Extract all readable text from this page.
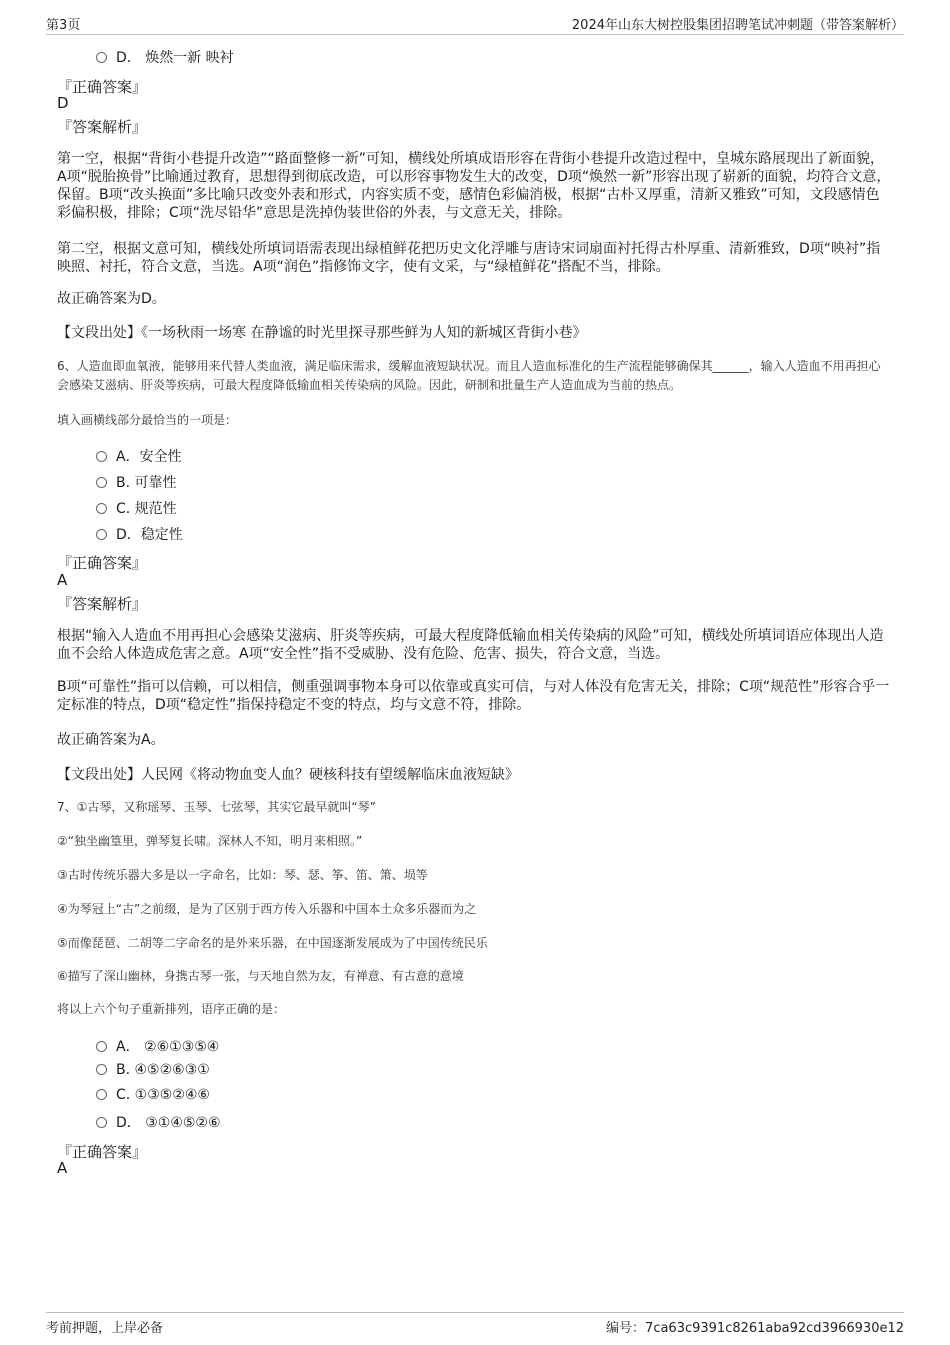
第3页	2024年山东大树控股集团招聘笔试冲刺题（带答案解析）
D． 焕然一新 映衬
『正确答案』
D
『答案解析』
第一空，根据“背街小巷提升改造”“路面整修一新”可知，横线处所填成语形容在背街小巷提升改造过程中，皇城东路展现出了新面貌，A项“脱胎换骨”比喻通过教育，思想得到彻底改造，可以形容事物发生大的改变，D项“焕然一新”形容出现了崭新的面貌，均符合文意，保留。B项“改头换面”多比喻只改变外表和形式，内容实质不变，感情色彩偏消极，根据“古朴又厚重，清新又雅致”可知，文段感情色彩偏积极，排除；C项“洗尽铅华”意思是洗掉伪装世俗的外表，与文意无关，排除。
第二空，根据文意可知，横线处所填词语需表现出绿植鲜花把历史文化浮雕与唐诗宋词扇面衬托得古朴厚重、清新雅致，D项“映衬”指映照、衬托，符合文意，当选。A项“润色”指修饰文字，使有文采，与“绿植鲜花”搭配不当，排除。
故正确答案为D。
【文段出处】《一场秋雨一场寒 在静谧的时光里探寻那些鲜为人知的新城区背街小巷》
6、人造血即血氧液，能够用来代替人类血液，满足临床需求，缓解血液短缺状况。而且人造血标准化的生产流程能够确保其______，输入人造血不用再担心会感染艾滋病、肝炎等疾病，可最大程度降低输血相关传染病的风险。因此，研制和批量生产人造血成为当前的热点。
填入画横线部分最恰当的一项是：
A．安全性
B. 可靠性
C. 规范性
D．稳定性
『正确答案』
A
『答案解析』
根据“输入人造血不用再担心会感染艾滋病、肝炎等疾病，可最大程度降低输血相关传染病的风险”可知，横线处所填词语应体现出人造血不会给人体造成危害之意。A项“安全性”指不受威胁、没有危险、危害、损失，符合文意，当选。
B项“可靠性”指可以信赖，可以相信，侧重强调事物本身可以依靠或真实可信，与对人体没有危害无关，排除；C项“规范性”形容合乎一定标准的特点，D项“稳定性”指保持稳定不变的特点，均与文意不符，排除。
故正确答案为A。
【文段出处】人民网《将动物血变人血？硬核科技有望缓解临床血液短缺》
7、①古琴，又称瑶琴、玉琴、七弦琴，其实它最早就叫“琴”
②“独坐幽篁里，弹琴复长啸。深林人不知，明月来相照。”
③古时传统乐器大多是以一字命名，比如：琴、瑟、筝、笛、箫、埙等
④为琴冠上“古”之前缀，是为了区别于西方传入乐器和中国本土众多乐器而为之
⑤而像琵琶、二胡等二字命名的是外来乐器，在中国逐渐发展成为了中国传统民乐
⑥描写了深山幽林，身携古琴一张，与天地自然为友，有禅意、有古意的意境
将以上六个句子重新排列，语序正确的是：
A． ②⑥①③⑤④
B. ④⑤②⑥③①
C. ①③⑤②④⑥
D． ③①④⑤②⑥
『正确答案』
A
考前押题，上岸必备	编号：7ca63c9391c8261aba92cd3966930e12
